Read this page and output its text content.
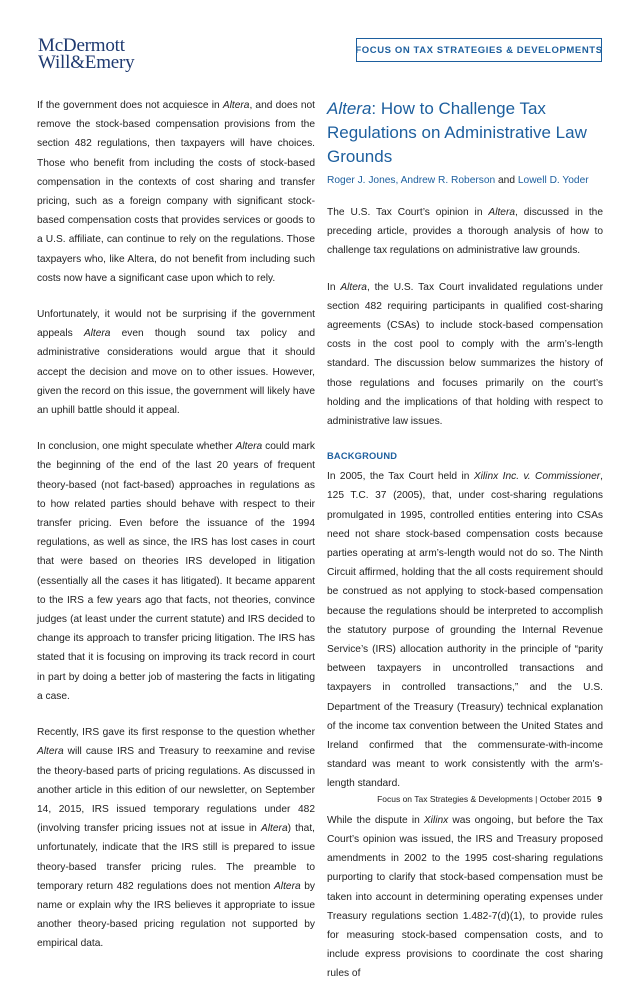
McDermott
Will&Emery
FOCUS ON TAX STRATEGIES & DEVELOPMENTS

If the government does not acquiesce in Altera, and does not remove the stock-based compensation provisions from the section 482 regulations, then taxpayers will have choices. Those who benefit from including the costs of stock-based compensation in the contexts of cost sharing and transfer pricing, such as a foreign company with significant stock-based compensation costs that provides services or goods to a U.S. affiliate, can continue to rely on the regulations. Those taxpayers who, like Altera, do not benefit from including such costs now have a significant case upon which to rely.

Unfortunately, it would not be surprising if the government appeals Altera even though sound tax policy and administrative considerations would argue that it should accept the decision and move on to other issues. However, given the record on this issue, the government will likely have an uphill battle should it appeal.

In conclusion, one might speculate whether Altera could mark the beginning of the end of the last 20 years of frequent theory-based (not fact-based) approaches in regulations as to how related parties should behave with respect to their transfer pricing. Even before the issuance of the 1994 regulations, as well as since, the IRS has lost cases in court that were based on theories IRS developed in litigation (essentially all the cases it has litigated). It became apparent to the IRS a few years ago that facts, not theories, convince judges (at least under the current statute) and IRS decided to change its approach to transfer pricing litigation. The IRS has stated that it is focusing on improving its track record in court in part by doing a better job of mastering the facts in litigating a case.

Recently, IRS gave its first response to the question whether Altera will cause IRS and Treasury to reexamine and revise the theory-based parts of pricing regulations. As discussed in another article in this edition of our newsletter, on September 14, 2015, IRS issued temporary regulations under 482 (involving transfer pricing issues not at issue in Altera) that, unfortunately, indicate that the IRS still is prepared to issue theory-based transfer pricing rules. The preamble to temporary return 482 regulations does not mention Altera by name or explain why the IRS believes it appropriate to issue another theory-based pricing regulation not supported by empirical data.

Altera: How to Challenge Tax Regulations on Administrative Law Grounds
Roger J. Jones, Andrew R. Roberson and Lowell D. Yoder

The U.S. Tax Court’s opinion in Altera, discussed in the preceding article, provides a thorough analysis of how to challenge tax regulations on administrative law grounds.

In Altera, the U.S. Tax Court invalidated regulations under section 482 requiring participants in qualified cost-sharing agreements (CSAs) to include stock-based compensation costs in the cost pool to comply with the arm’s-length standard. The discussion below summarizes the history of those regulations and focuses primarily on the court’s holding and the implications of that holding with respect to administrative law issues.

BACKGROUND

In 2005, the Tax Court held in Xilinx Inc. v. Commissioner, 125 T.C. 37 (2005), that, under cost-sharing regulations promulgated in 1995, controlled entities entering into CSAs need not share stock-based compensation costs because parties operating at arm’s-length would not do so. The Ninth Circuit affirmed, holding that the all costs requirement should be construed as not applying to stock-based compensation because the regulations should be interpreted to accomplish the statutory purpose of grounding the Internal Revenue Service’s (IRS) allocation authority in the principle of “parity between taxpayers in uncontrolled transactions and taxpayers in controlled transactions,” and the U.S. Department of the Treasury (Treasury) technical explanation of the income tax convention between the United States and Ireland confirmed that the commensurate-with-income standard was meant to work consistently with the arm’s-length standard.

While the dispute in Xilinx was ongoing, but before the Tax Court’s opinion was issued, the IRS and Treasury proposed amendments in 2002 to the 1995 cost-sharing regulations purporting to clarify that stock-based compensation must be taken into account in determining operating expenses under Treasury regulations section 1.482-7(d)(1), to provide rules for measuring stock-based compensation costs, and to include express provisions to coordinate the cost sharing rules of

Focus on Tax Strategies & Developments | October 2015 9
